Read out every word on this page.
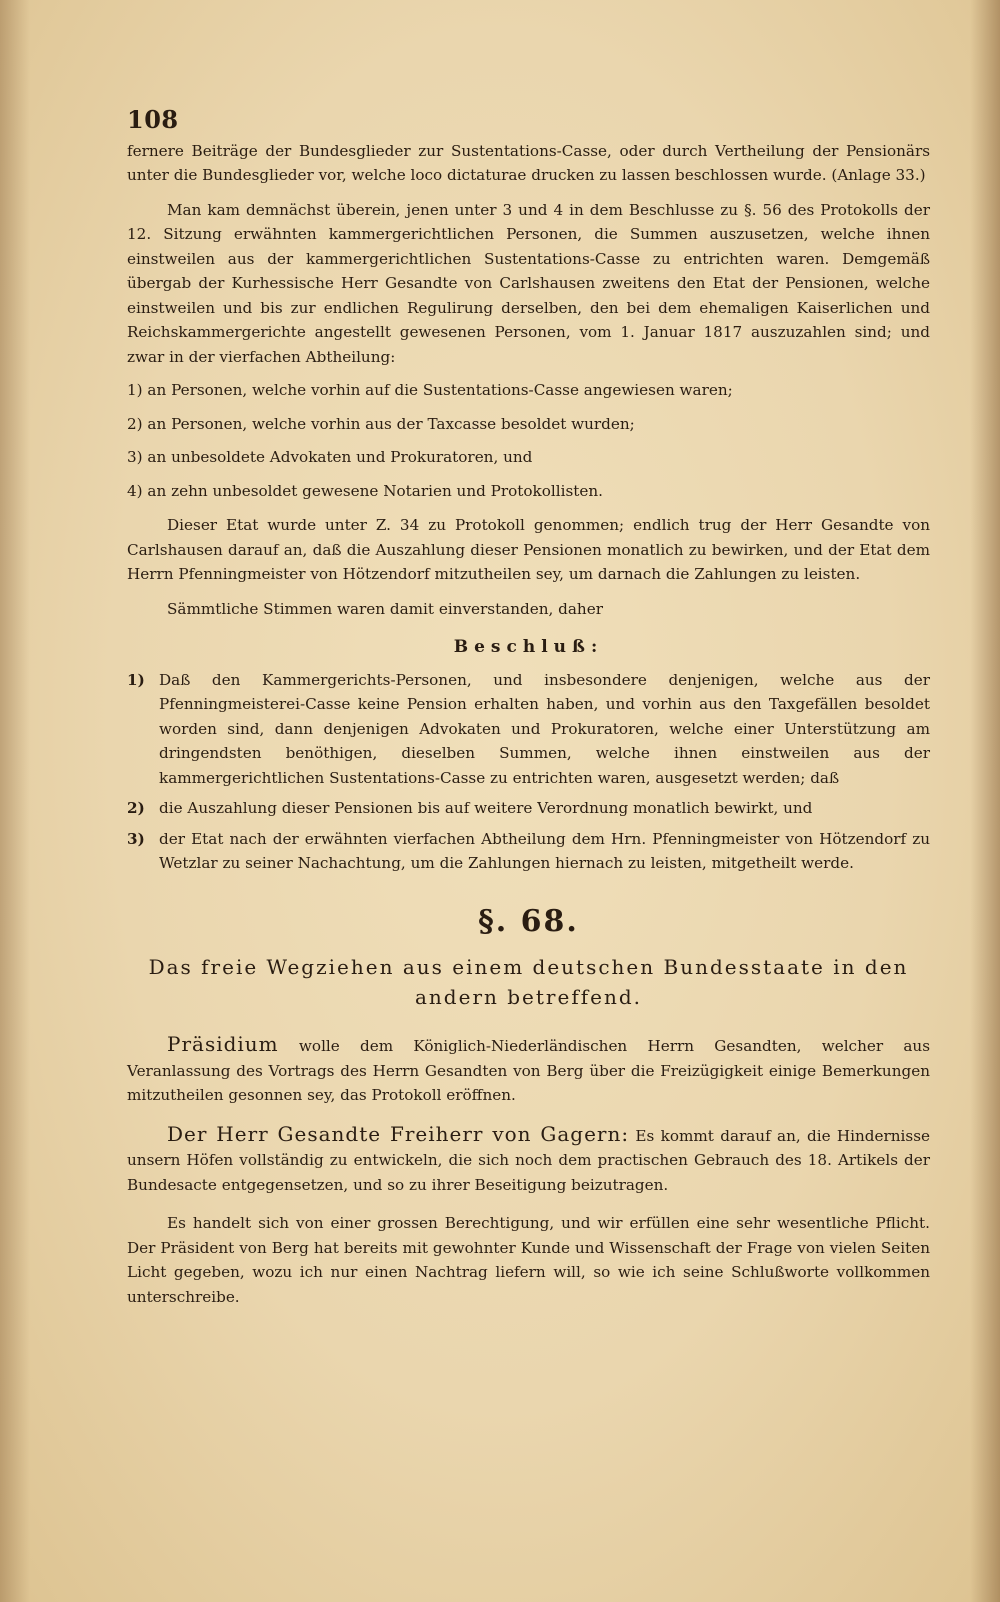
108

fernere Beiträge der Bundesglieder zur Sustentations-Casse, oder durch Vertheilung der Pensionärs unter die Bundesglieder vor, welche loco dictaturae drucken zu lassen beschlossen wurde. (Anlage 33.)

Man kam demnächst überein, jenen unter 3 und 4 in dem Beschlusse zu §. 56 des Protokolls der 12. Sitzung erwähnten kammergerichtlichen Personen, die Summen auszusetzen, welche ihnen einstweilen aus der kammergerichtlichen Sustentations-Casse zu entrichten waren. Demgemäß übergab der Kurhessische Herr Gesandte von Carlshausen zweitens den Etat der Pensionen, welche einstweilen und bis zur endlichen Regulirung derselben, den bei dem ehemaligen Kaiserlichen und Reichskammergerichte angestellt gewesenen Personen, vom 1. Januar 1817 auszuzahlen sind; und zwar in der vierfachen Abtheilung:

1) an Personen, welche vorhin auf die Sustentations-Casse angewiesen waren;

2) an Personen, welche vorhin aus der Taxcasse besoldet wurden;

3) an unbesoldete Advokaten und Prokuratoren, und

4) an zehn unbesoldet gewesene Notarien und Protokollisten.

Dieser Etat wurde unter Z. 34 zu Protokoll genommen; endlich trug der Herr Gesandte von Carlshausen darauf an, daß die Auszahlung dieser Pensionen monatlich zu bewirken, und der Etat dem Herrn Pfenningmeister von Hötzendorf mitzutheilen sey, um darnach die Zahlungen zu leisten.

Sämmtliche Stimmen waren damit einverstanden, daher

Beschluß:
1) Daß den Kammergerichts-Personen, und insbesondere denjenigen, welche aus der Pfenningmeisterei-Casse keine Pension erhalten haben, und vorhin aus den Taxgefällen besoldet worden sind, dann denjenigen Advokaten und Prokuratoren, welche einer Unterstützung am dringendsten benöthigen, dieselben Summen, welche ihnen einstweilen aus der kammergerichtlichen Sustentations-Casse zu entrichten waren, ausgesetzt werden; daß
2) die Auszahlung dieser Pensionen bis auf weitere Verordnung monatlich bewirkt, und
3) der Etat nach der erwähnten vierfachen Abtheilung dem Hrn. Pfenningmeister von Hötzendorf zu Wetzlar zu seiner Nachachtung, um die Zahlungen hiernach zu leisten, mitgetheilt werde.
§. 68.
Das freie Wegziehen aus einem deutschen Bundesstaate in den andern betreffend.

Präsidium wolle dem Königlich-Niederländischen Herrn Gesandten, welcher aus Veranlassung des Vortrags des Herrn Gesandten von Berg über die Freizügigkeit einige Bemerkungen mitzutheilen gesonnen sey, das Protokoll eröffnen.

Der Herr Gesandte Freiherr von Gagern: Es kommt darauf an, die Hindernisse unsern Höfen vollständig zu entwickeln, die sich noch dem practischen Gebrauch des 18. Artikels der Bundesacte entgegensetzen, und so zu ihrer Beseitigung beizutragen.

Es handelt sich von einer grossen Berechtigung, und wir erfüllen eine sehr wesentliche Pflicht. Der Präsident von Berg hat bereits mit gewohnter Kunde und Wissenschaft der Frage von vielen Seiten Licht gegeben, wozu ich nur einen Nachtrag liefern will, so wie ich seine Schlußworte vollkommen unterschreibe.
